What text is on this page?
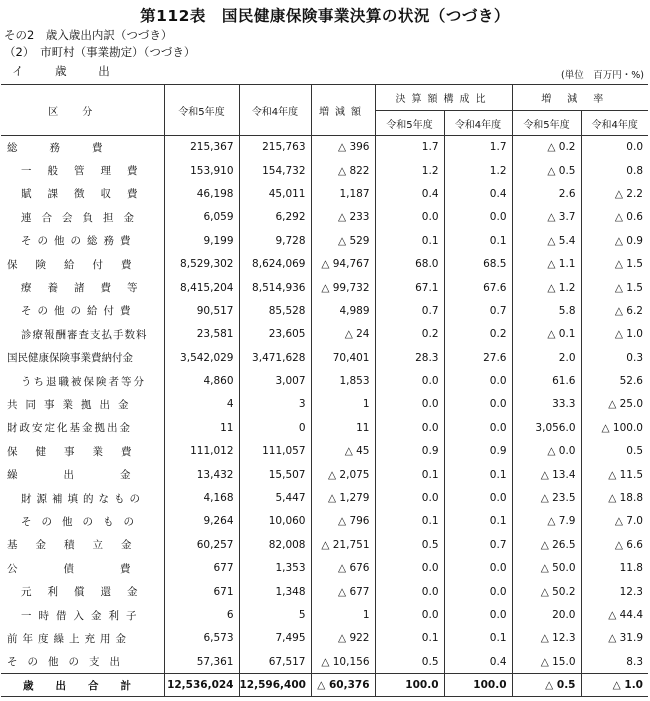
第112表　国民健康保険事業決算の状況（つづき）
その2　歳入歳出内訳（つづき）
（2）　市町村（事業勘定）（つづき）
イ 歳 出	(単位　百万円・%)
区分	令和5年度	令和4年度	増減額	決算額構成比		増減率	
				令和5年度	令和4年度	令和5年度	令和4年度
総務費	215,367	215,763	△ 396	1.7	1.7	△ 0.2	0.0
一般管理費	153,910	154,732	△ 822	1.2	1.2	△ 0.5	0.8
賦課徴収費	46,198	45,011	1,187	0.4	0.4	2.6	△ 2.2
連合会負担金	6,059	6,292	△ 233	0.0	0.0	△ 3.7	△ 0.6
その他の総務費	9,199	9,728	△ 529	0.1	0.1	△ 5.4	△ 0.9
保険給付費	8,529,302	8,624,069	△ 94,767	68.0	68.5	△ 1.1	△ 1.5
療養諸費等	8,415,204	8,514,936	△ 99,732	67.1	67.6	△ 1.2	△ 1.5
その他の給付費	90,517	85,528	4,989	0.7	0.7	5.8	△ 6.2
診療報酬審査支払手数料	23,581	23,605	△ 24	0.2	0.2	△ 0.1	△ 1.0
国民健康保険事業費納付金	3,542,029	3,471,628	70,401	28.3	27.6	2.0	0.3
うち退職被保険者等分	4,860	3,007	1,853	0.0	0.0	61.6	52.6
共同事業拠出金	4	3	1	0.0	0.0	33.3	△ 25.0
財政安定化基金拠出金	11	0	11	0.0	0.0	3,056.0	△ 100.0
保健事業費	111,012	111,057	△ 45	0.9	0.9	△ 0.0	0.5
繰出金	13,432	15,507	△ 2,075	0.1	0.1	△ 13.4	△ 11.5
財源補填的なもの	4,168	5,447	△ 1,279	0.0	0.0	△ 23.5	△ 18.8
その他のもの	9,264	10,060	△ 796	0.1	0.1	△ 7.9	△ 7.0
基金積立金	60,257	82,008	△ 21,751	0.5	0.7	△ 26.5	△ 6.6
公債費	677	1,353	△ 676	0.0	0.0	△ 50.0	11.8
元利償還金	671	1,348	△ 677	0.0	0.0	△ 50.2	12.3
一時借入金利子	6	5	1	0.0	0.0	20.0	△ 44.4
前年度繰上充用金	6,573	7,495	△ 922	0.1	0.1	△ 12.3	△ 31.9
その他の支出	57,361	67,517	△ 10,156	0.5	0.4	△ 15.0	8.3
歳出合計	12,536,024	12,596,400	△ 60,376	100.0	100.0	△ 0.5	△ 1.0
